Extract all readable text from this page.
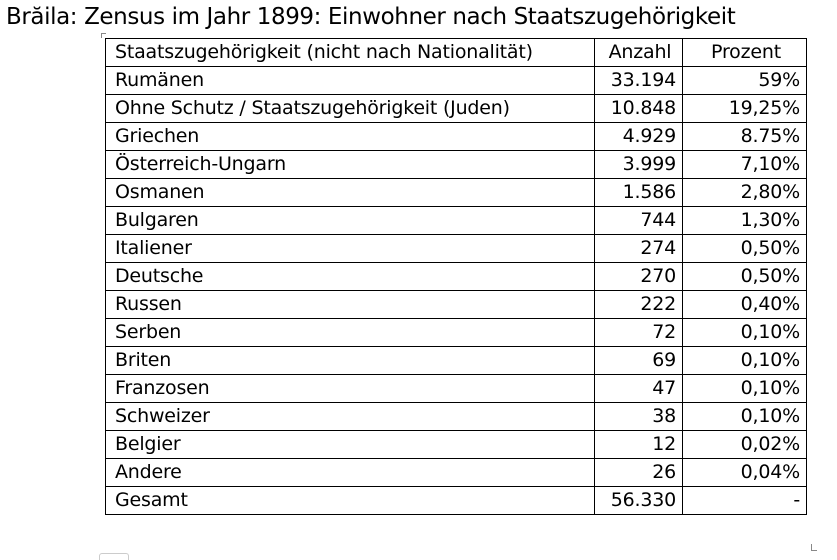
Brăila: Zensus im Jahr 1899: Einwohner nach Staatszugehörigkeit
Staatszugehörigkeit (nicht nach Nationalität)	Anzahl	Prozent
Rumänen	33.194	59%
Ohne Schutz / Staatszugehörigkeit (Juden)	10.848	19,25%
Griechen	4.929	8.75%
Österreich-Ungarn	3.999	7,10%
Osmanen	1.586	2,80%
Bulgaren	744	1,30%
Italiener	274	0,50%
Deutsche	270	0,50%
Russen	222	0,40%
Serben	72	0,10%
Briten	69	0,10%
Franzosen	47	0,10%
Schweizer	38	0,10%
Belgier	12	0,02%
Andere	26	0,04%
Gesamt	56.330	-
